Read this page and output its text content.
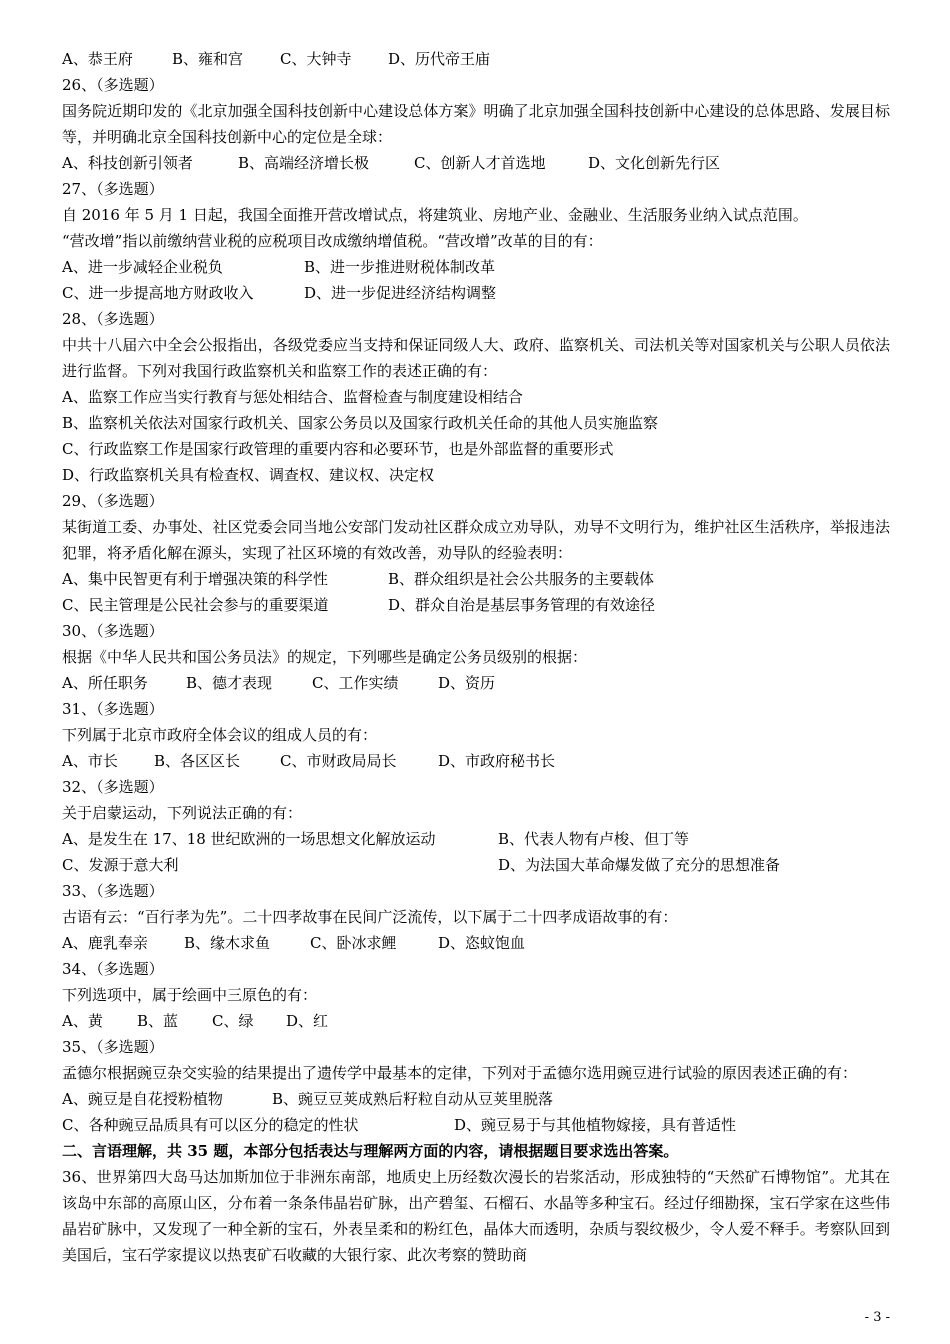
A、恭王府	B、雍和宫	C、大钟寺	D、历代帝王庙
26、（多选题）
国务院近期印发的《北京加强全国科技创新中心建设总体方案》明确了北京加强全国科技创新中心建设的总体思路、发展目标等，并明确北京全国科技创新中心的定位是全球：
A、科技创新引领者	B、高端经济增长极	C、创新人才首选地	D、文化创新先行区
27、（多选题）
自 2016 年 5 月 1 日起，我国全面推开营改增试点，将建筑业、房地产业、金融业、生活服务业纳入试点范围。
“营改增”指以前缴纳营业税的应税项目改成缴纳增值税。“营改增”改革的目的有：
A、进一步减轻企业税负	B、进一步推进财税体制改革
C、进一步提高地方财政收入	D、进一步促进经济结构调整
28、（多选题）
中共十八届六中全会公报指出，各级党委应当支持和保证同级人大、政府、监察机关、司法机关等对国家机关与公职人员依法进行监督。下列对我国行政监察机关和监察工作的表述正确的有：
A、监察工作应当实行教育与惩处相结合、监督检查与制度建设相结合
B、监察机关依法对国家行政机关、国家公务员以及国家行政机关任命的其他人员实施监察
C、行政监察工作是国家行政管理的重要内容和必要环节，也是外部监督的重要形式
D、行政监察机关具有检查权、调查权、建议权、决定权
29、（多选题）
某街道工委、办事处、社区党委会同当地公安部门发动社区群众成立劝导队，劝导不文明行为，维护社区生活秩序，举报违法犯罪，将矛盾化解在源头，实现了社区环境的有效改善，劝导队的经验表明：
A、集中民智更有利于增强决策的科学性	B、群众组织是社会公共服务的主要载体
C、民主管理是公民社会参与的重要渠道	D、群众自治是基层事务管理的有效途径
30、（多选题）
根据《中华人民共和国公务员法》的规定，下列哪些是确定公务员级别的根据：
A、所任职务	B、德才表现	C、工作实绩	D、资历
31、（多选题）
下列属于北京市政府全体会议的组成人员的有：
A、市长	B、各区区长	C、市财政局局长	D、市政府秘书长
32、（多选题）
关于启蒙运动，下列说法正确的有：
A、是发生在 17、18 世纪欧洲的一场思想文化解放运动	B、代表人物有卢梭、但丁等
C、发源于意大利	D、为法国大革命爆发做了充分的思想准备
33、（多选题）
古语有云：“百行孝为先”。二十四孝故事在民间广泛流传，以下属于二十四孝成语故事的有：
A、鹿乳奉亲	B、缘木求鱼	C、卧冰求鲤	D、恣蚊饱血
34、（多选题）
下列选项中，属于绘画中三原色的有：
A、黄	B、蓝	C、绿	D、红
35、（多选题）
孟德尔根据豌豆杂交实验的结果提出了遗传学中最基本的定律，下列对于孟德尔选用豌豆进行试验的原因表述正确的有：
A、豌豆是自花授粉植物	B、豌豆豆荚成熟后籽粒自动从豆荚里脱落
C、各种豌豆品质具有可以区分的稳定的性状	D、豌豆易于与其他植物嫁接，具有普适性
二、言语理解，共 35 题，本部分包括表达与理解两方面的内容，请根据题目要求选出答案。
36、世界第四大岛马达加斯加位于非洲东南部，地质史上历经数次漫长的岩浆活动，形成独特的“天然矿石博物馆”。尤其在该岛中东部的高原山区，分布着一条条伟晶岩矿脉，出产碧玺、石榴石、水晶等多种宝石。经过仔细勘探，宝石学家在这些伟晶岩矿脉中，又发现了一种全新的宝石，外表呈柔和的粉红色，晶体大而透明，杂质与裂纹极少，令人爱不释手。考察队回到美国后，宝石学家提议以热衷矿石收藏的大银行家、此次考察的赞助商
- 3 -
